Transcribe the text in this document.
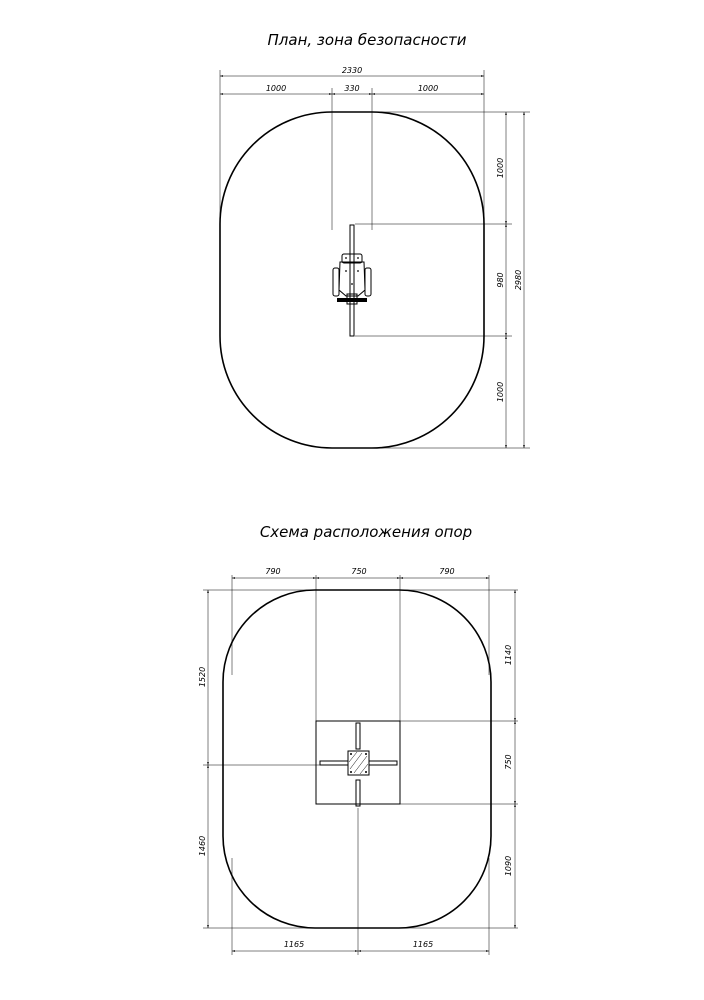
План, зона безопасности
2330
1000	330	1000
1000
980
1000
2980
Схема расположения опор
790	750	790
1165	1165
1140
750
1090
1520
1460
